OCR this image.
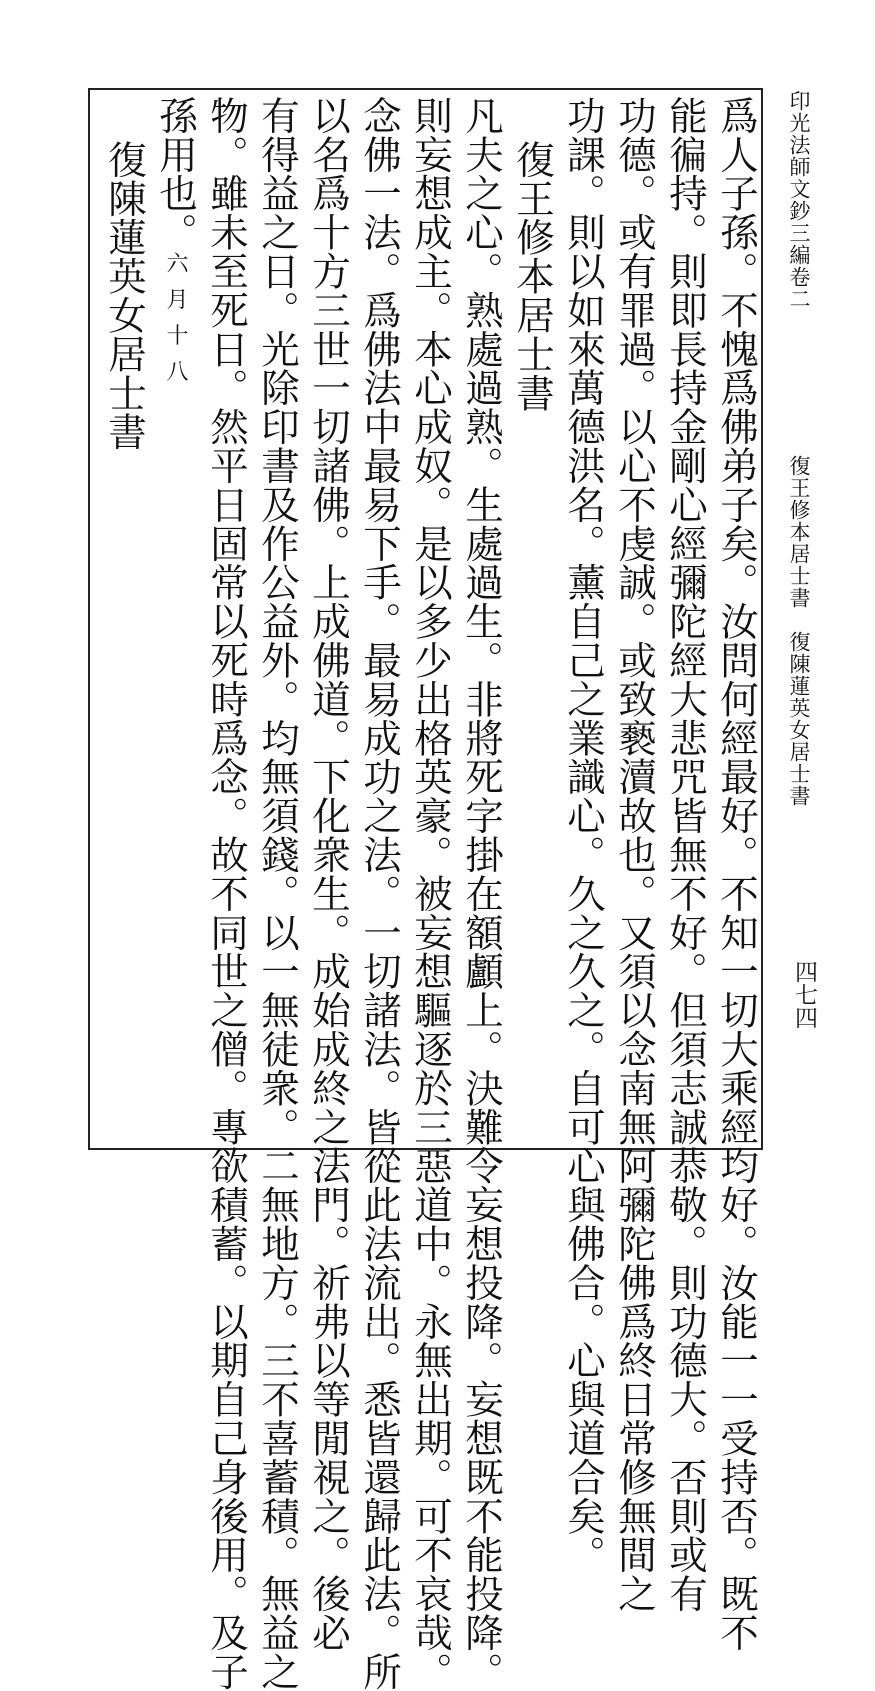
印光法師文鈔三編卷二
復王修本居士書　復陳蓮英女居士書
四七四
爲人子孫。不愧爲佛弟子矣。汝問何經最好。不知一切大乘經均好。汝能一一受持否。既不
能徧持。則即長持金剛心經彌陀經大悲咒皆無不好。但須志誠恭敬。則功德大。否則或有
功德。或有罪過。以心不虔誠。或致褻瀆故也。又須以念南無阿彌陀佛爲終日常修無間之
功課。則以如來萬德洪名。薰自己之業識心。久之久之。自可心與佛合。心與道合矣。
復王修本居士書
凡夫之心。熟處過熟。生處過生。非將死字掛在額顱上。決難令妄想投降。妄想既不能投降。
則妄想成主。本心成奴。是以多少出格英豪。被妄想驅逐於三惡道中。永無出期。可不哀哉。
念佛一法。爲佛法中最易下手。最易成功之法。一切諸法。皆從此法流出。悉皆還歸此法。所
以名爲十方三世一切諸佛。上成佛道。下化衆生。成始成終之法門。祈弗以等閒視之。後必
有得益之日。光除印書及作公益外。均無須錢。以一無徒衆。二無地方。三不喜蓄積。無益之
物。雖未至死日。然平日固常以死時爲念。故不同世之僧。專欲積蓄。以期自己身後用。及子
孫用也。六月十八
復陳蓮英女居士書
